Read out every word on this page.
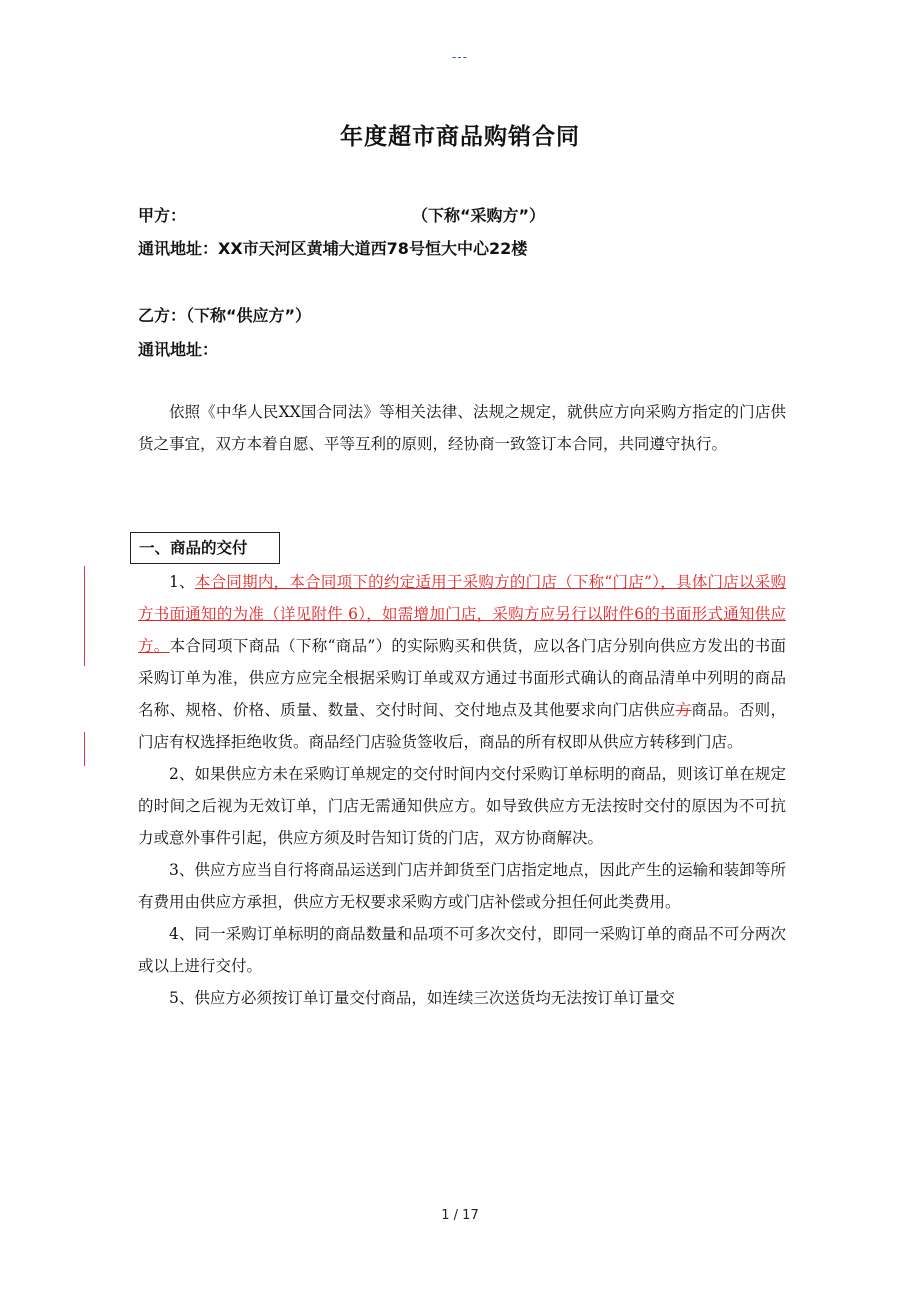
---
年度超市商品购销合同
甲方：	（下称“采购方”）
通讯地址：XX市天河区黄埔大道西78号恒大中心22楼
乙方：（下称“供应方”）
通讯地址：
依照《中华人民XX国合同法》等相关法律、法规之规定，就供应方向采购方指定的门店供货之事宜，双方本着自愿、平等互利的原则，经协商一致签订本合同，共同遵守执行。
一、商品的交付

1、本合同期内，本合同项下的约定适用于采购方的门店（下称“门店”），具体门店以采购方书面通知的为准（详见附件 6），如需增加门店，采购方应另行以附件6的书面形式通知供应方。本合同项下商品（下称“商品”）的实际购买和供货，应以各门店分别向供应方发出的书面采购订单为准，供应方应完全根据采购订单或双方通过书面形式确认的商品清单中列明的商品名称、规格、价格、质量、数量、交付时间、交付地点及其他要求向门店供应方商品。否则，门店有权选择拒绝收货。商品经门店验货签收后，商品的所有权即从供应方转移到门店。

2、如果供应方未在采购订单规定的交付时间内交付采购订单标明的商品，则该订单在规定的时间之后视为无效订单，门店无需通知供应方。如导致供应方无法按时交付的原因为不可抗力或意外事件引起，供应方须及时告知订货的门店，双方协商解决。

3、供应方应当自行将商品运送到门店并卸货至门店指定地点，因此产生的运输和装卸等所有费用由供应方承担，供应方无权要求采购方或门店补偿或分担任何此类费用。

4、同一采购订单标明的商品数量和品项不可多次交付，即同一采购订单的商品不可分两次或以上进行交付。

5、供应方必须按订单订量交付商品，如连续三次送货均无法按订单订量交

1 / 17
